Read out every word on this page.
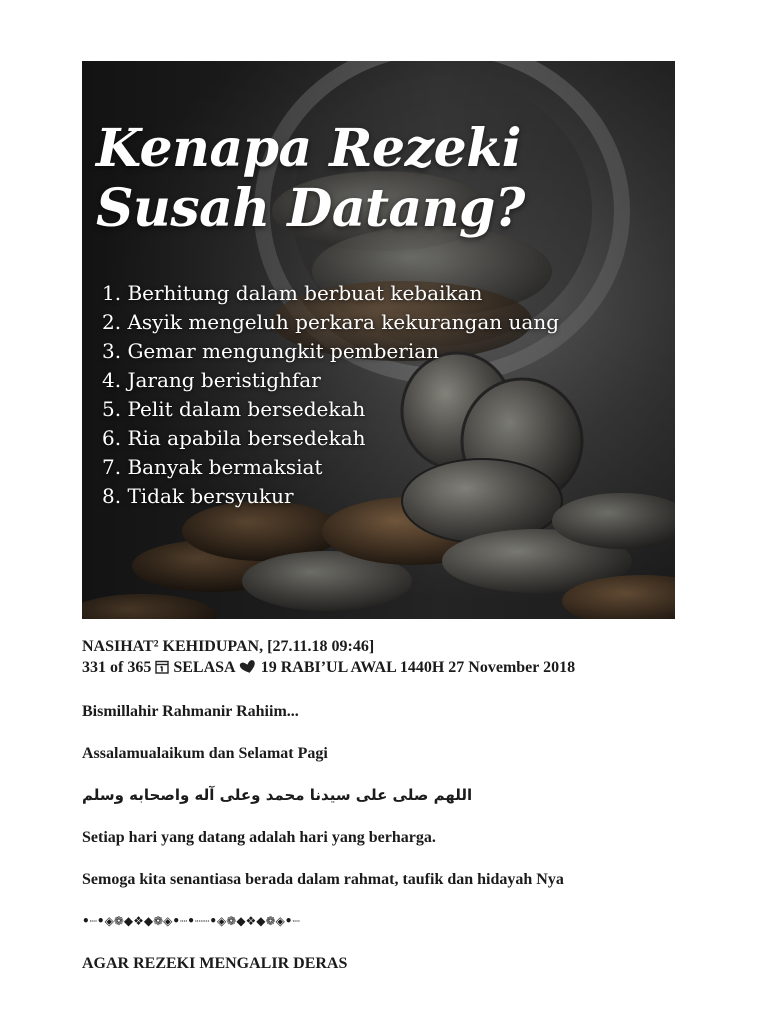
Kenapa Rezeki
Susah Datang?
1. Berhitung dalam berbuat kebaikan
2. Asyik mengeluh perkara kekurangan uang
3. Gemar mengungkit pemberian
4. Jarang beristighfar
5. Pelit dalam bersedekah
6. Ria apabila bersedekah
7. Banyak bermaksiat
8. Tidak bersyukur
NASIHAT² KEHIDUPAN, [27.11.18 09:46]
331 of 365 SELASA 19 RABI’UL AWAL 1440H 27 November 2018
Bismillahir Rahmanir Rahiim...
Assalamualaikum dan Selamat Pagi
اللهم صلى على سيدنا محمد وعلى آله واصحابه وسلم
Setiap hari yang datang adalah hari yang berharga.
Semoga kita senantiasa berada dalam rahmat, taufik dan hidayah Nya
•┈•◈❁◆❖◆❁◈•┈•┈┈•◈❁◆❖◆❁◈•┈
AGAR REZEKI MENGALIR DERAS
